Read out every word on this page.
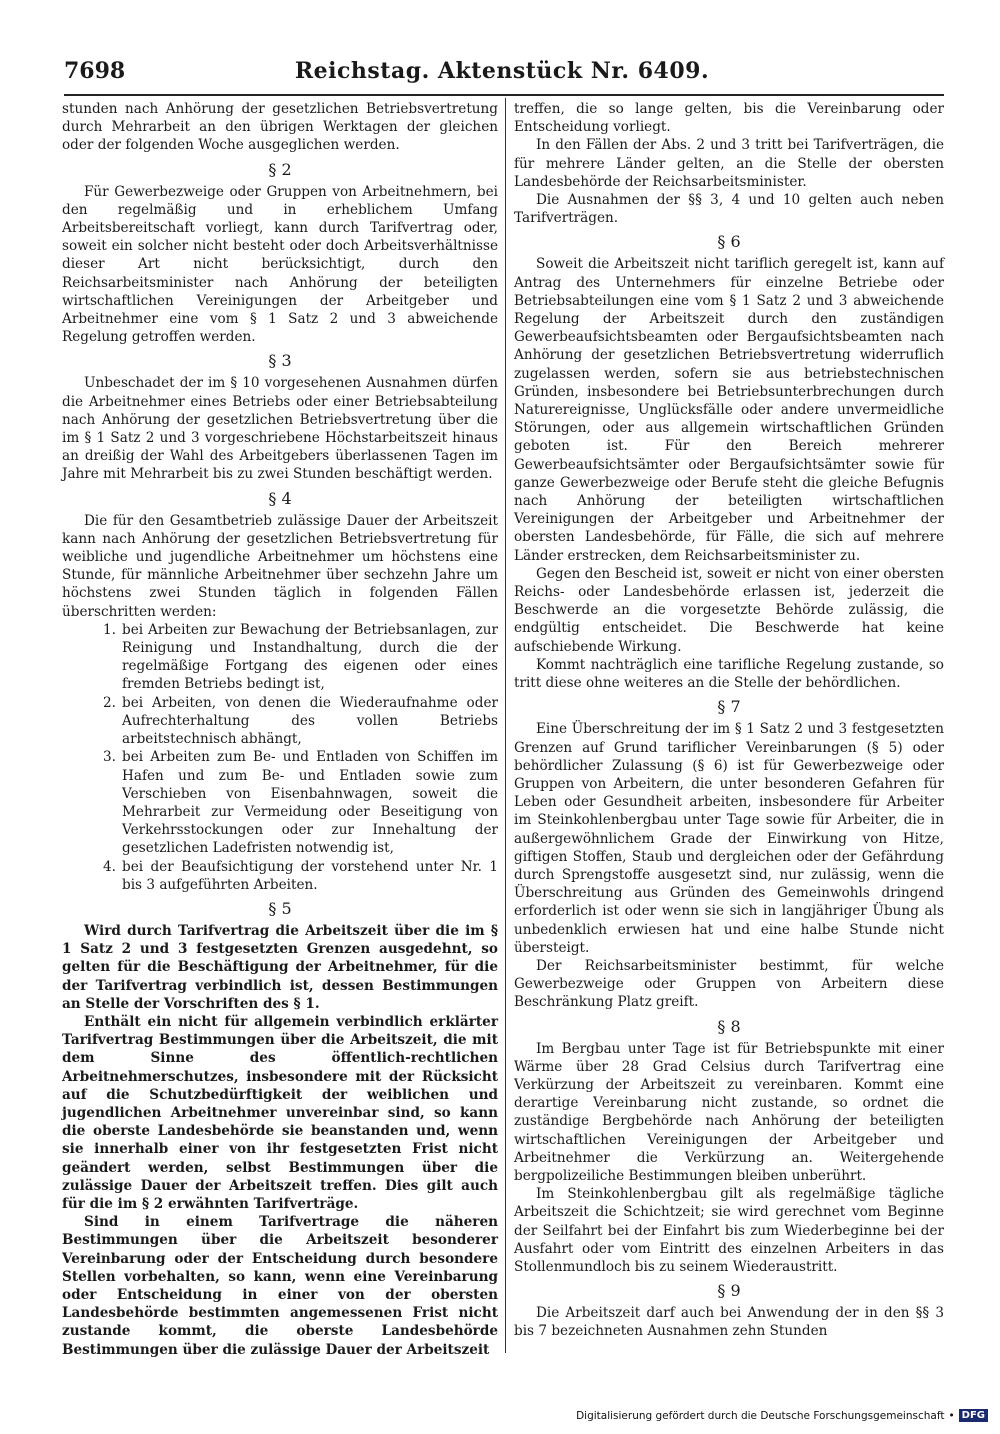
7698	Reichstag. Aktenstück Nr. 6409.

stunden nach Anhörung der gesetzlichen Betriebsvertretung durch Mehrarbeit an den übrigen Werktagen der gleichen oder der folgenden Woche ausgeglichen werden.

§ 2

Für Gewerbezweige oder Gruppen von Arbeitnehmern, bei den regelmäßig und in erheblichem Umfang Arbeitsbereitschaft vorliegt, kann durch Tarifvertrag oder, soweit ein solcher nicht besteht oder doch Arbeitsverhältnisse dieser Art nicht berücksichtigt, durch den Reichsarbeitsminister nach Anhörung der beteiligten wirtschaftlichen Vereinigungen der Arbeitgeber und Arbeitnehmer eine vom § 1 Satz 2 und 3 abweichende Regelung getroffen werden.

§ 3

Unbeschadet der im § 10 vorgesehenen Ausnahmen dürfen die Arbeitnehmer eines Betriebs oder einer Betriebsabteilung nach Anhörung der gesetzlichen Betriebsvertretung über die im § 1 Satz 2 und 3 vorgeschriebene Höchstarbeitszeit hinaus an dreißig der Wahl des Arbeitgebers überlassenen Tagen im Jahre mit Mehrarbeit bis zu zwei Stunden beschäftigt werden.

§ 4

Die für den Gesamtbetrieb zulässige Dauer der Arbeitszeit kann nach Anhörung der gesetzlichen Betriebsvertretung für weibliche und jugendliche Arbeitnehmer um höchstens eine Stunde, für männliche Arbeitnehmer über sechzehn Jahre um höchstens zwei Stunden täglich in folgenden Fällen überschritten werden:

1. bei Arbeiten zur Bewachung der Betriebsanlagen, zur Reinigung und Instandhaltung, durch die der regelmäßige Fortgang des eigenen oder eines fremden Betriebs bedingt ist,
2. bei Arbeiten, von denen die Wiederaufnahme oder Aufrechterhaltung des vollen Betriebs arbeitstechnisch abhängt,
3. bei Arbeiten zum Be- und Entladen von Schiffen im Hafen und zum Be- und Entladen sowie zum Verschieben von Eisenbahnwagen, soweit die Mehrarbeit zur Vermeidung oder Beseitigung von Verkehrsstockungen oder zur Innehaltung der gesetzlichen Ladefristen notwendig ist,
4. bei der Beaufsichtigung der vorstehend unter Nr. 1 bis 3 aufgeführten Arbeiten.
§ 5

Wird durch Tarifvertrag die Arbeitszeit über die im § 1 Satz 2 und 3 festgesetzten Grenzen ausgedehnt, so gelten für die Beschäftigung der Arbeitnehmer, für die der Tarifvertrag verbindlich ist, dessen Bestimmungen an Stelle der Vorschriften des § 1.

Enthält ein nicht für allgemein verbindlich erklärter Tarifvertrag Bestimmungen über die Arbeitszeit, die mit dem Sinne des öffentlich-rechtlichen Arbeitnehmerschutzes, insbesondere mit der Rücksicht auf die Schutzbedürftigkeit der weiblichen und jugendlichen Arbeitnehmer unvereinbar sind, so kann die oberste Landesbehörde sie beanstanden und, wenn sie innerhalb einer von ihr festgesetzten Frist nicht geändert werden, selbst Bestimmungen über die zulässige Dauer der Arbeitszeit treffen. Dies gilt auch für die im § 2 erwähnten Tarifverträge.

Sind in einem Tarifvertrage die näheren Bestimmungen über die Arbeitszeit besonderer Vereinbarung oder der Entscheidung durch besondere Stellen vorbehalten, so kann, wenn eine Vereinbarung oder Entscheidung in einer von der obersten Landesbehörde bestimmten angemessenen Frist nicht zustande kommt, die oberste Landesbehörde Bestimmungen über die zulässige Dauer der Arbeitszeit

treffen, die so lange gelten, bis die Vereinbarung oder Entscheidung vorliegt.

In den Fällen der Abs. 2 und 3 tritt bei Tarifverträgen, die für mehrere Länder gelten, an die Stelle der obersten Landesbehörde der Reichsarbeitsminister.

Die Ausnahmen der §§ 3, 4 und 10 gelten auch neben Tarifverträgen.

§ 6

Soweit die Arbeitszeit nicht tariflich geregelt ist, kann auf Antrag des Unternehmers für einzelne Betriebe oder Betriebsabteilungen eine vom § 1 Satz 2 und 3 abweichende Regelung der Arbeitszeit durch den zuständigen Gewerbeaufsichtsbeamten oder Bergaufsichtsbeamten nach Anhörung der gesetzlichen Betriebsvertretung widerruflich zugelassen werden, sofern sie aus betriebstechnischen Gründen, insbesondere bei Betriebsunterbrechungen durch Naturereignisse, Unglücksfälle oder andere unvermeidliche Störungen, oder aus allgemein wirtschaftlichen Gründen geboten ist. Für den Bereich mehrerer Gewerbeaufsichtsämter oder Bergaufsichtsämter sowie für ganze Gewerbezweige oder Berufe steht die gleiche Befugnis nach Anhörung der beteiligten wirtschaftlichen Vereinigungen der Arbeitgeber und Arbeitnehmer der obersten Landesbehörde, für Fälle, die sich auf mehrere Länder erstrecken, dem Reichsarbeitsminister zu.

Gegen den Bescheid ist, soweit er nicht von einer obersten Reichs- oder Landesbehörde erlassen ist, jederzeit die Beschwerde an die vorgesetzte Behörde zulässig, die endgültig entscheidet. Die Beschwerde hat keine aufschiebende Wirkung.

Kommt nachträglich eine tarifliche Regelung zustande, so tritt diese ohne weiteres an die Stelle der behördlichen.

§ 7

Eine Überschreitung der im § 1 Satz 2 und 3 festgesetzten Grenzen auf Grund tariflicher Vereinbarungen (§ 5) oder behördlicher Zulassung (§ 6) ist für Gewerbezweige oder Gruppen von Arbeitern, die unter besonderen Gefahren für Leben oder Gesundheit arbeiten, insbesondere für Arbeiter im Steinkohlenbergbau unter Tage sowie für Arbeiter, die in außergewöhnlichem Grade der Einwirkung von Hitze, giftigen Stoffen, Staub und dergleichen oder der Gefährdung durch Sprengstoffe ausgesetzt sind, nur zulässig, wenn die Überschreitung aus Gründen des Gemeinwohls dringend erforderlich ist oder wenn sie sich in langjähriger Übung als unbedenklich erwiesen hat und eine halbe Stunde nicht übersteigt.

Der Reichsarbeitsminister bestimmt, für welche Gewerbezweige oder Gruppen von Arbeitern diese Beschränkung Platz greift.

§ 8

Im Bergbau unter Tage ist für Betriebspunkte mit einer Wärme über 28 Grad Celsius durch Tarifvertrag eine Verkürzung der Arbeitszeit zu vereinbaren. Kommt eine derartige Vereinbarung nicht zustande, so ordnet die zuständige Bergbehörde nach Anhörung der beteiligten wirtschaftlichen Vereinigungen der Arbeitgeber und Arbeitnehmer die Verkürzung an. Weitergehende bergpolizeiliche Bestimmungen bleiben unberührt.

Im Steinkohlenbergbau gilt als regelmäßige tägliche Arbeitszeit die Schichtzeit; sie wird gerechnet vom Beginne der Seilfahrt bei der Einfahrt bis zum Wiederbeginne bei der Ausfahrt oder vom Eintritt des einzelnen Arbeiters in das Stollenmundloch bis zu seinem Wiederaustritt.

§ 9

Die Arbeitszeit darf auch bei Anwendung der in den §§ 3 bis 7 bezeichneten Ausnahmen zehn Stunden

Digitalisierung gefördert durch die Deutsche Forschungsgemeinschaft • DFG
